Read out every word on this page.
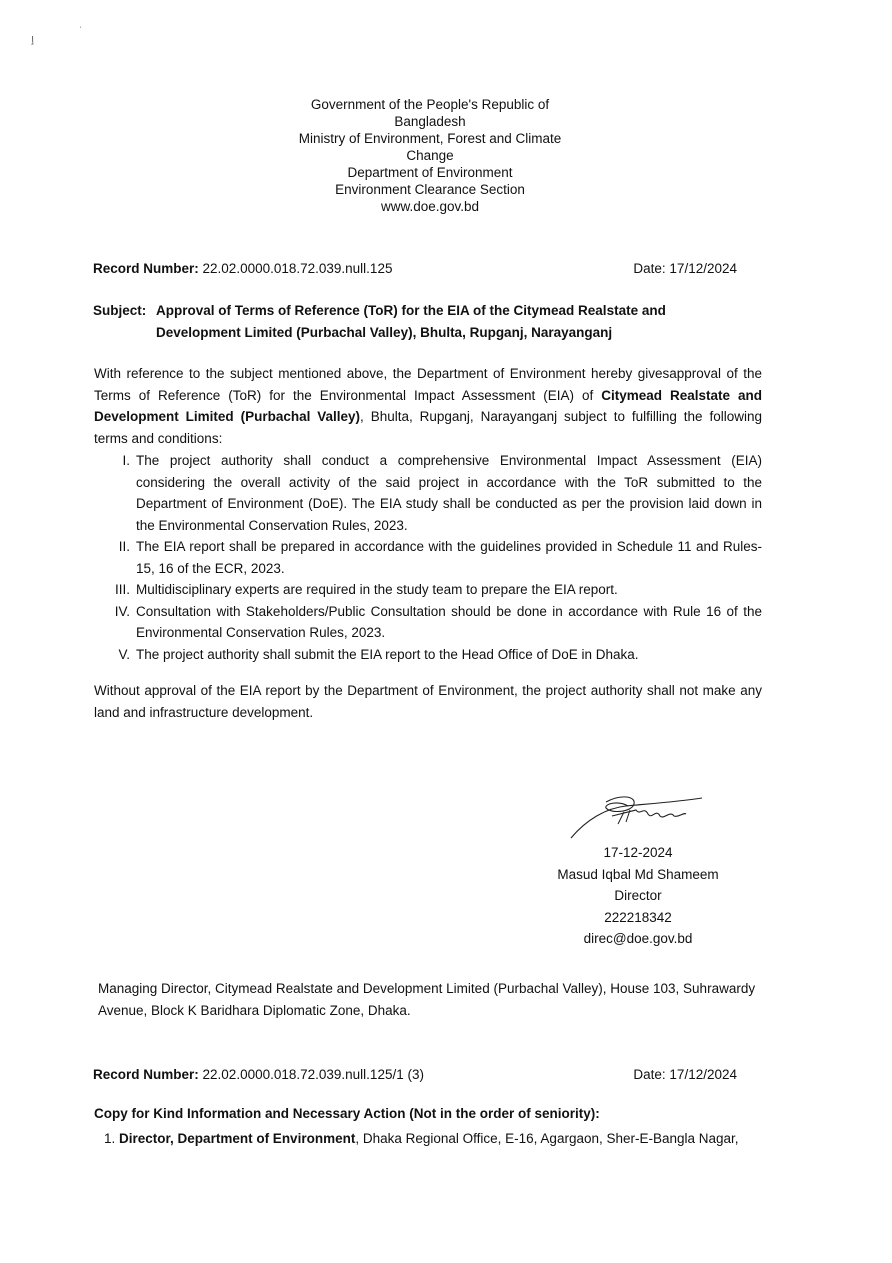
ٳ
ˈ
Government of the People's Republic of
Bangladesh
Ministry of Environment, Forest and Climate
Change
Department of Environment
Environment Clearance Section
www.doe.gov.bd
Record Number: 22.02.0000.018.72.039.null.125	Date: 17/12/2024
Subject: Approval of Terms of Reference (ToR) for the EIA of the Citymead Realstate and Development Limited (Purbachal Valley), Bhulta, Rupganj, Narayanganj
With reference to the subject mentioned above, the Department of Environment hereby givesapproval of the Terms of Reference (ToR) for the Environmental Impact Assessment (EIA) of Citymead Realstate and Development Limited (Purbachal Valley), Bhulta, Rupganj, Narayanganj subject to fulfilling the following terms and conditions:
I. The project authority shall conduct a comprehensive Environmental Impact Assessment (EIA) considering the overall activity of the said project in accordance with the ToR submitted to the Department of Environment (DoE). The EIA study shall be conducted as per the provision laid down in the Environmental Conservation Rules, 2023.
II. The EIA report shall be prepared in accordance with the guidelines provided in Schedule 11 and Rules-15, 16 of the ECR, 2023.
III. Multidisciplinary experts are required in the study team to prepare the EIA report.
IV. Consultation with Stakeholders/Public Consultation should be done in accordance with Rule 16 of the Environmental Conservation Rules, 2023.
V. The project authority shall submit the EIA report to the Head Office of DoE in Dhaka.
Without approval of the EIA report by the Department of Environment, the project authority shall not make any land and infrastructure development.
17-12-2024
Masud Iqbal Md Shameem
Director
222218342
direc@doe.gov.bd
Managing Director, Citymead Realstate and Development Limited (Purbachal Valley), House 103, Suhrawardy Avenue, Block K Baridhara Diplomatic Zone, Dhaka.
Record Number: 22.02.0000.018.72.039.null.125/1 (3)	Date: 17/12/2024
Copy for Kind Information and Necessary Action (Not in the order of seniority):
1. Director, Department of Environment, Dhaka Regional Office, E-16, Agargaon, Sher-E-Bangla Nagar,
